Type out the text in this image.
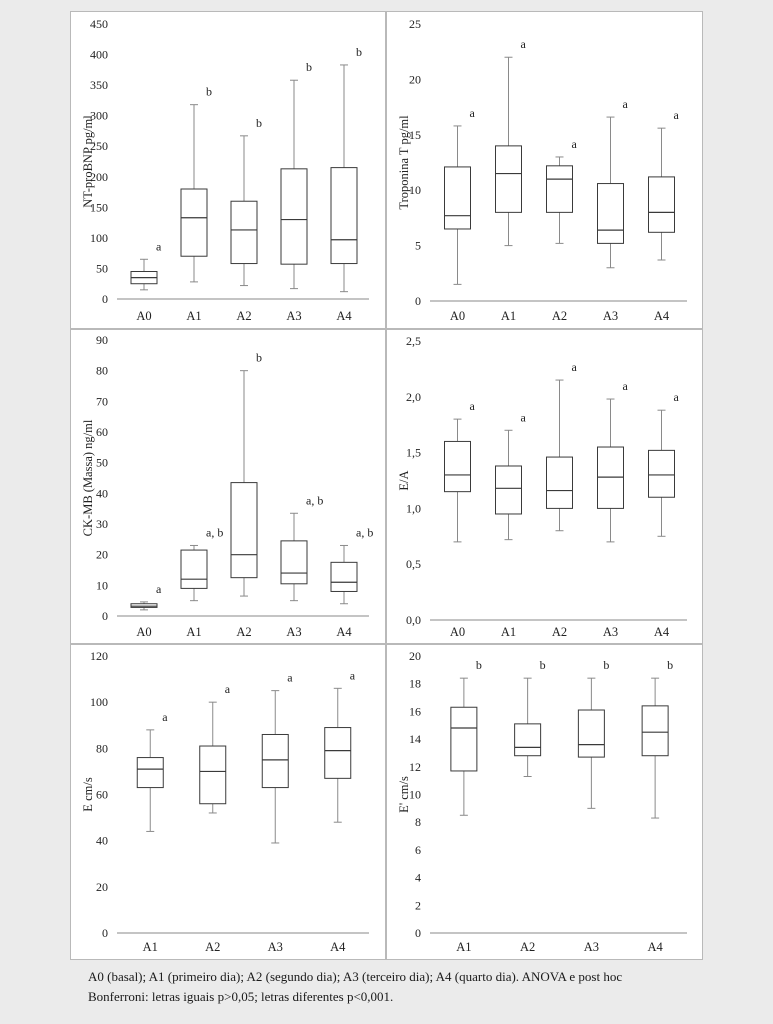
0
50
100
150
200
250
300
350
400
450
NT-proBNP pg/ml
a
A0
b
A1
b
A2
b
A3
b
A4
0
5
10
15
20
25
Troponina T pg/ml
a
A0
a
A1
a
A2
a
A3
a
A4
0
10
20
30
40
50
60
70
80
90
CK-MB (Massa) ng/ml
a
A0
a, b
A1
b
A2
a, b
A3
a, b
A4
0,0
0,5
1,0
1,5
2,0
2,5
E/A
a
A0
a
A1
a
A2
a
A3
a
A4
0
20
40
60
80
100
120
E cm/s
a
A1
a
A2
a
A3
a
A4
0
2
4
6
8
10
12
14
16
18
20
E' cm/s
b
A1
b
A2
b
A3
b
A4
A0 (basal); A1 (primeiro dia); A2 (segundo dia); A3 (terceiro dia); A4 (quarto dia). ANOVA e post hoc
Bonferroni: letras iguais p>0,05; letras diferentes p<0,001.
